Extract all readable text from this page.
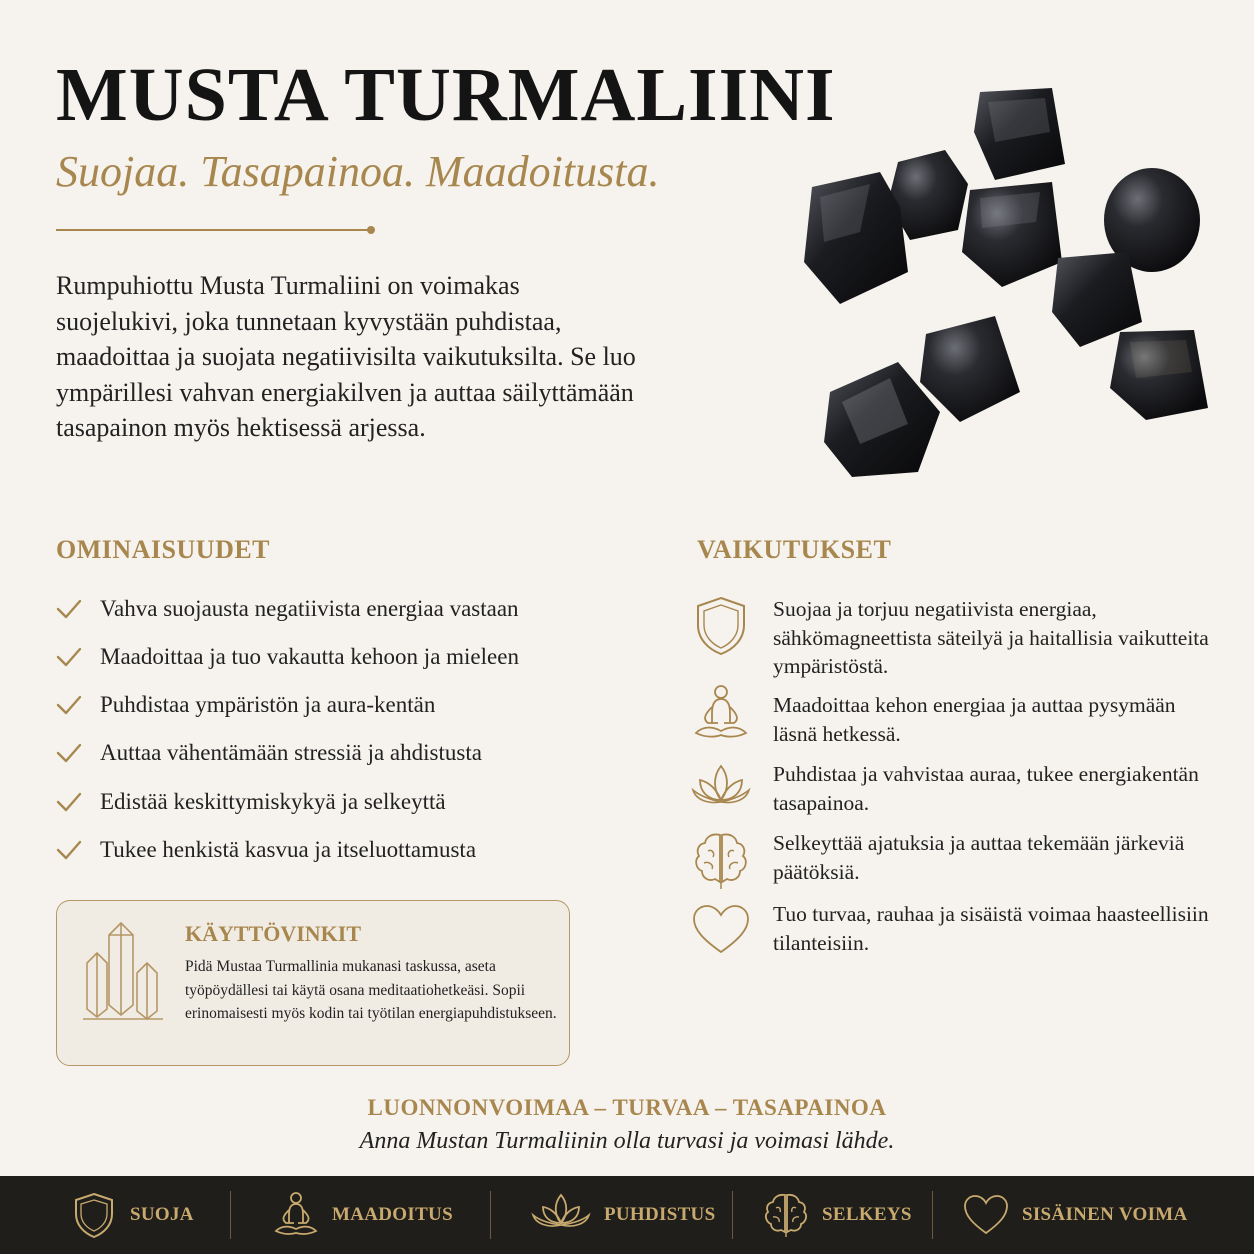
MUSTA TURMALIINI
Suojaa. Tasapainoa. Maadoitusta.
Rumpuhiottu Musta Turmaliini on voimakas suojelukivi, joka tunnetaan kyvystään puhdistaa, maadoittaa ja suojata negatiivisilta vaikutuksilta. Se luo ympärillesi vahvan energiakilven ja auttaa säilyttämään tasapainon myös hektisessä arjessa.
OMINAISUUDET	VAIKUTUKSET
Vahva suojausta negatiivista energiaa vastaan
Maadoittaa ja tuo vakautta kehoon ja mieleen
Puhdistaa ympäristön ja aura-kentän
Auttaa vähentämään stressiä ja ahdistusta
Edistää keskittymiskykyä ja selkeyttä
Tukee henkistä kasvua ja itseluottamusta
Suojaa ja torjuu negatiivista energiaa, sähkömagneettista säteilyä ja haitallisia vaikutteita ympäristöstä.
Maadoittaa kehon energiaa ja auttaa pysymään läsnä hetkessä.
Puhdistaa ja vahvistaa auraa, tukee energiakentän tasapainoa.
Selkeyttää ajatuksia ja auttaa tekemään järkeviä päätöksiä.
Tuo turvaa, rauhaa ja sisäistä voimaa haasteellisiin tilanteisiin.
KÄYTTÖVINKIT
Pidä Mustaa Turmallinia mukanasi taskussa, aseta työpöydällesi tai käytä osana meditaatiohetkeäsi. Sopii erinomaisesti myös kodin tai työtilan energiapuhdistukseen.
LUONNONVOIMAA – TURVAA – TASAPAINOA
Anna Mustan Turmaliinin olla turvasi ja voimasi lähde.
SUOJA	MAADOITUS	PUHDISTUS	SELKEYS	SISÄINEN VOIMA
